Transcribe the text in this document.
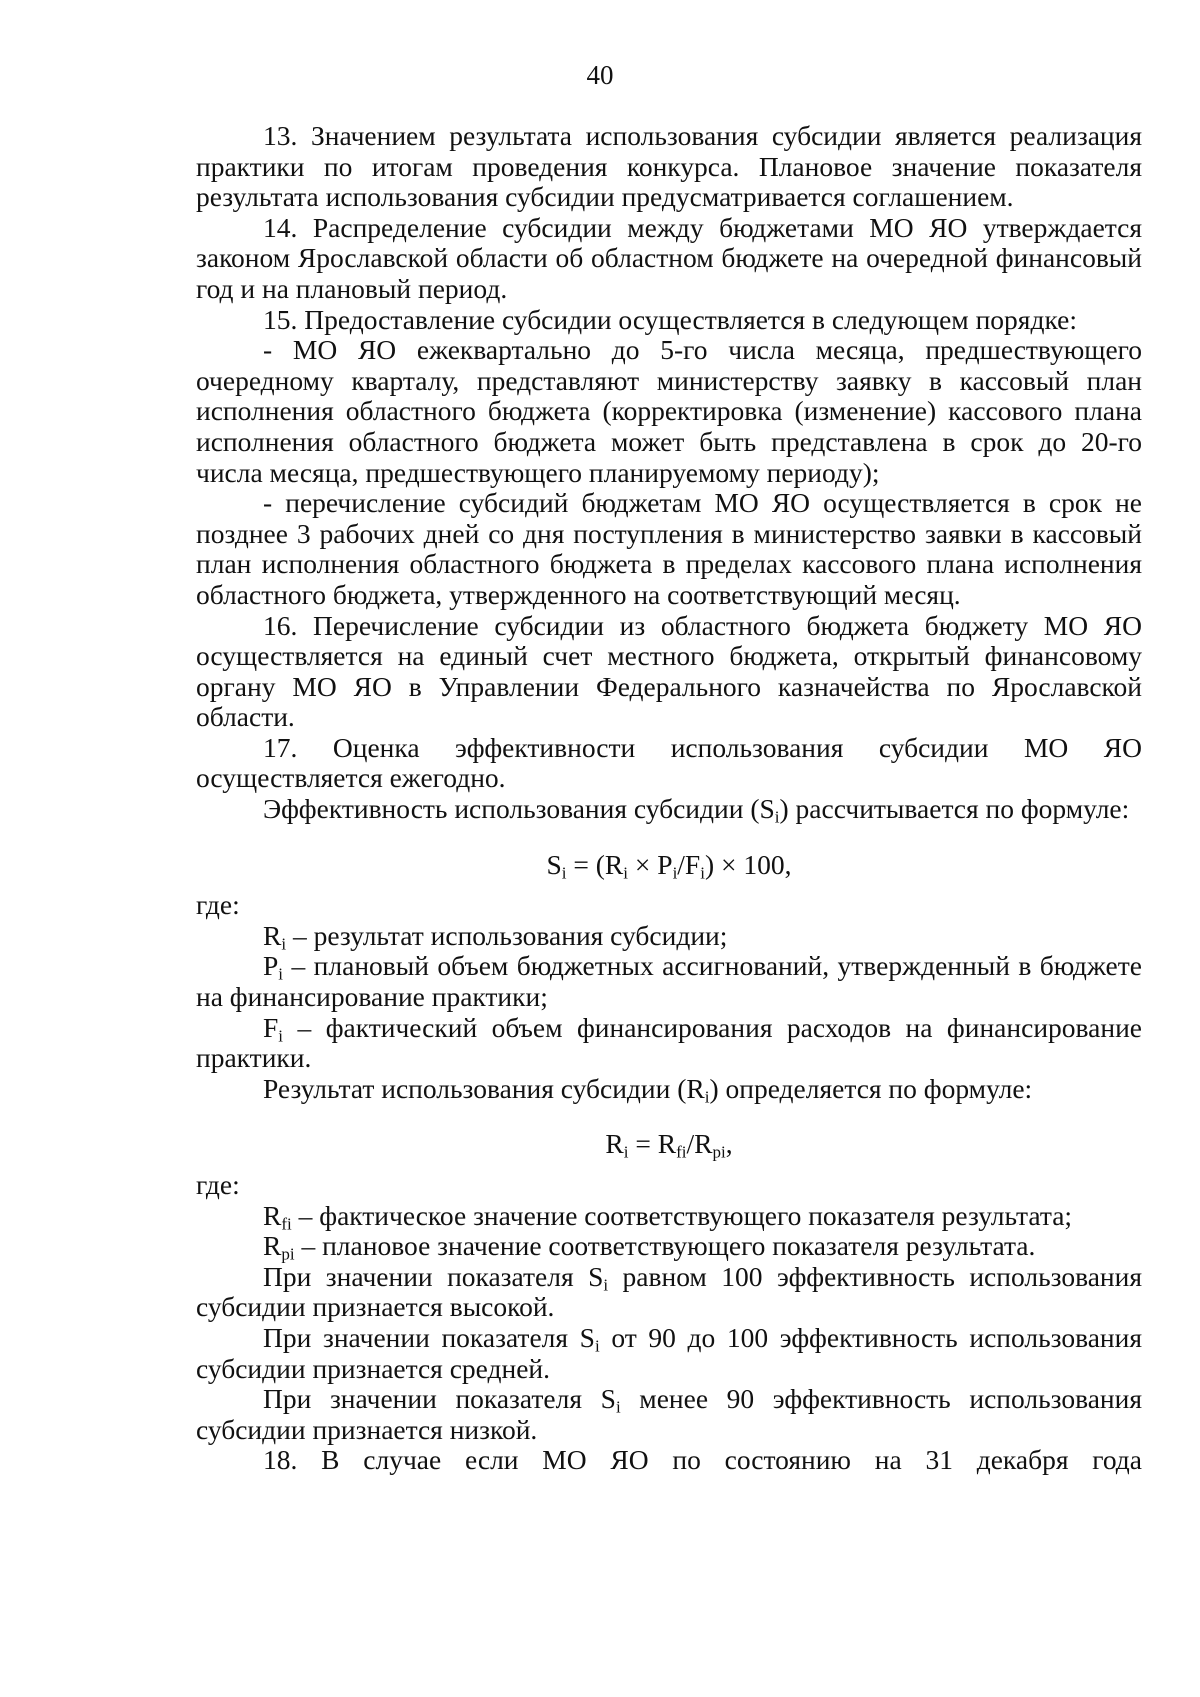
40

13. Значением результата использования субсидии является реализация практики по итогам проведения конкурса. Плановое значение показателя результата использования субсидии предусматривается соглашением.

14. Распределение субсидии между бюджетами МО ЯО утверждается законом Ярославской области об областном бюджете на очередной финансовый год и на плановый период.

15. Предоставление субсидии осуществляется в следующем порядке:

- МО ЯО ежеквартально до 5-го числа месяца, предшествующего очередному кварталу, представляют министерству заявку в кассовый план исполнения областного бюджета (корректировка (изменение) кассового плана исполнения областного бюджета может быть представлена в срок до 20-го числа месяца, предшествующего планируемому периоду);

- перечисление субсидий бюджетам МО ЯО осуществляется в срок не позднее 3 рабочих дней со дня поступления в министерство заявки в кассовый план исполнения областного бюджета в пределах кассового плана исполнения областного бюджета, утвержденного на соответствующий месяц.

16. Перечисление субсидии из областного бюджета бюджету МО ЯО осуществляется на единый счет местного бюджета, открытый финансовому органу МО ЯО в Управлении Федерального казначейства по Ярославской области.

17. Оценка эффективности использования субсидии МО ЯО осуществляется ежегодно.

Эффективность использования субсидии $(S_i)$ рассчитывается по формуле:

$S_i = (R_i \times P_i/F_i) \times 100$,

где:

$R_i$ – результат использования субсидии;

$P_i$ – плановый объем бюджетных ассигнований, утвержденный в бюджете на финансирование практики;

$F_i$ – фактический объем финансирования расходов на финансирование практики.

Результат использования субсидии $(R_i)$ определяется по формуле:

$R_i = R_{fi}/R_{pi}$,

где:

$R_{fi}$ – фактическое значение соответствующего показателя результата;

$R_{pi}$ – плановое значение соответствующего показателя результата.

При значении показателя $S_i$ равном 100 эффективность использования субсидии признается высокой.

При значении показателя $S_i$ от 90 до 100 эффективность использования субсидии признается средней.

При значении показателя $S_i$ менее 90 эффективность использования субсидии признается низкой.

18. В случае если МО ЯО по состоянию на 31 декабря года
